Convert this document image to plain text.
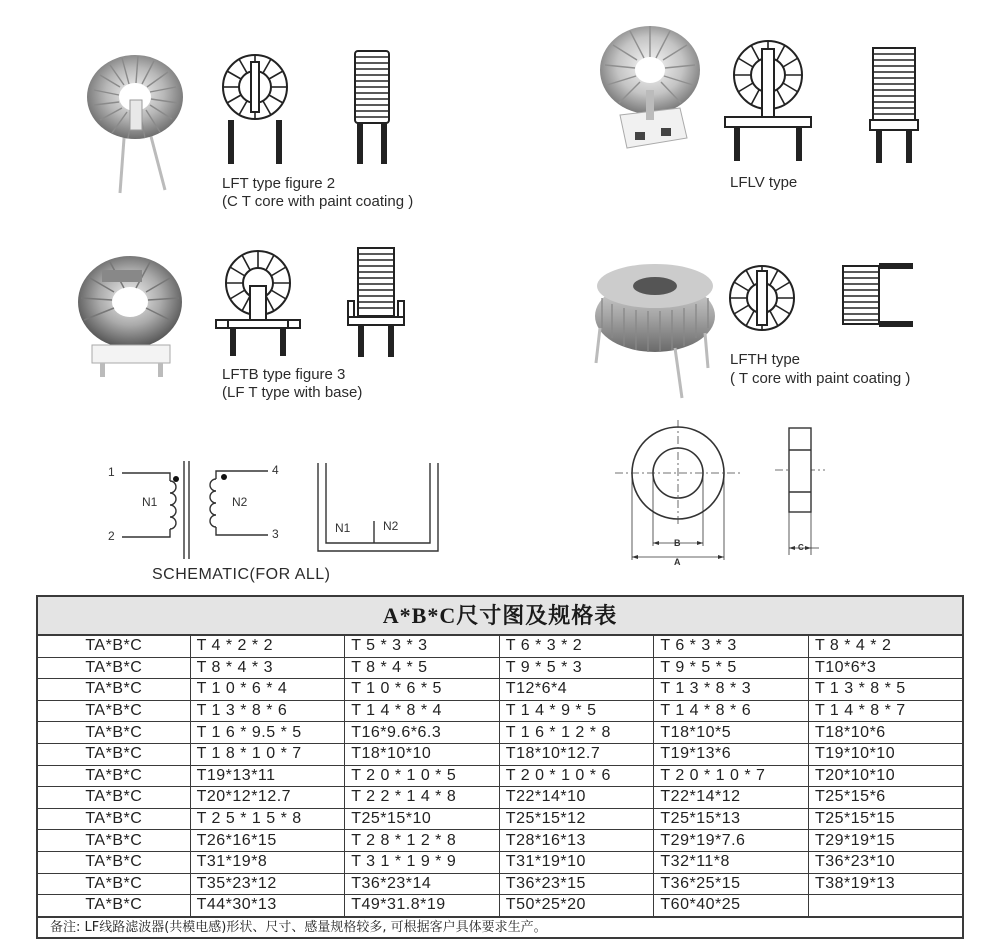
LFT type figure 2
(C T core with paint coating )
LFLV type
LFTB type figure 3
(LF T type with base)
LFTH type
( T core with paint coating )
1
2
4
3
N1	N2
N1	N2
SCHEMATIC(FOR ALL)
A
B	C
A*B*C尺寸图及规格表
TA*B*C	T 4 * 2 * 2	T 5 * 3 * 3	T 6 * 3 * 2	T 6 * 3 * 3	T 8 * 4 * 2
TA*B*C	T 8 * 4 * 3	T 8 * 4 * 5	T 9 * 5 * 3	T 9 * 5 * 5	T10*6*3
TA*B*C	T 1 0 * 6 * 4	T 1 0 * 6 * 5	T12*6*4	T 1 3 * 8 * 3	T 1 3 * 8 * 5
TA*B*C	T 1 3 * 8 * 6	T 1 4 * 8 * 4	T 1 4 * 9 * 5	T 1 4 * 8 * 6	T 1 4 * 8 * 7
TA*B*C	T 1 6 * 9.5 * 5	T16*9.6*6.3	T 1 6 * 1 2 * 8	T18*10*5	T18*10*6
TA*B*C	T 1 8 * 1 0 * 7	T18*10*10	T18*10*12.7	T19*13*6	T19*10*10
TA*B*C	T19*13*11	T 2 0 * 1 0 * 5	T 2 0 * 1 0 * 6	T 2 0 * 1 0 * 7	T20*10*10
TA*B*C	T20*12*12.7	T 2 2 * 1 4 * 8	T22*14*10	T22*14*12	T25*15*6
TA*B*C	T 2 5 * 1 5 * 8	T25*15*10	T25*15*12	T25*15*13	T25*15*15
TA*B*C	T26*16*15	T 2 8 * 1 2 * 8	T28*16*13	T29*19*7.6	T29*19*15
TA*B*C	T31*19*8	T 3 1 * 1 9 * 9	T31*19*10	T32*11*8	T36*23*10
TA*B*C	T35*23*12	T36*23*14	T36*23*15	T36*25*15	T38*19*13
TA*B*C	T44*30*13	T49*31.8*19	T50*25*20	T60*40*25	
备注: LF线路滤波器(共模电感)形状、尺寸、感量规格较多, 可根据客户具体要求生产。
